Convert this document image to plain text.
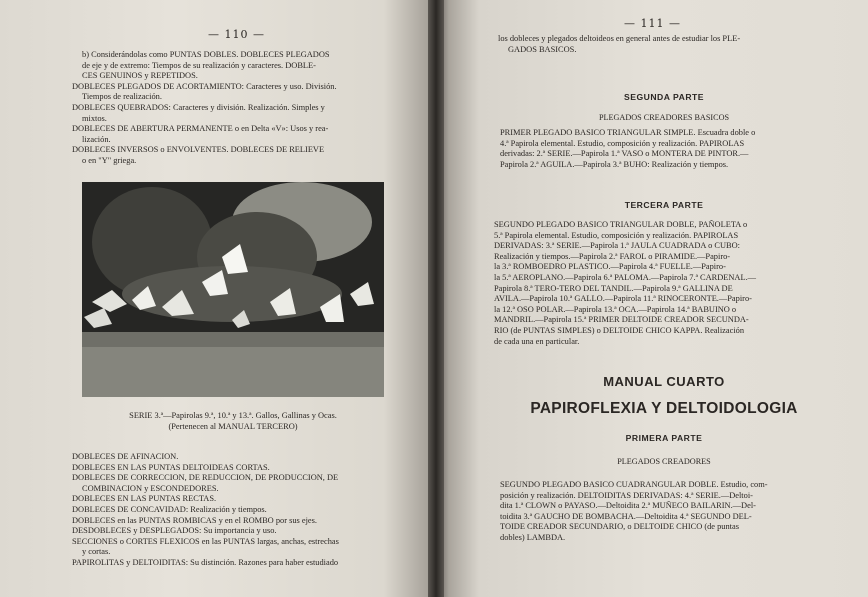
— 110 —

b) Considerándolas como PUNTAS DOBLES. DOBLECES PLEGADOS

de eje y de extremo: Tiempos de su realización y caracteres. DOBLE-

CES GENUINOS y REPETIDOS.

DOBLECES PLEGADOS DE ACORTAMIENTO: Caracteres y uso. División.

Tiempos de realización.

DOBLECES QUEBRADOS: Caracteres y división. Realización. Simples y

mixtos.

DOBLECES DE ABERTURA PERMANENTE o en Delta «V»: Usos y rea-

lización.

DOBLECES INVERSOS o ENVOLVENTES. DOBLECES DE RELIEVE

o en "Y" griega.

SERIE 3.ª—Papirolas 9.ª, 10.ª y 13.ª. Gallos, Gallinas y Ocas.
(Pertenecen al MANUAL TERCERO)

DOBLECES DE AFINACION.

DOBLECES EN LAS PUNTAS DELTOIDEAS CORTAS.

DOBLECES DE CORRECCION, DE REDUCCION, DE PRODUCCION, DE

COMBINACION y ESCONDEDORES.

DOBLECES EN LAS PUNTAS RECTAS.

DOBLECES DE CONCAVIDAD: Realización y tiempos.

DOBLECES en las PUNTAS ROMBICAS y en el ROMBO por sus ejes.

DESDOBLECES y DESPLEGADOS: Su importancia y uso.

SECCIONES o CORTES FLEXICOS en las PUNTAS largas, anchas, estrechas

y cortas.

PAPIROLITAS y DELTOIDITAS: Su distinción. Razones para haber estudiado

— 111 —

los dobleces y plegados deltoideos en general antes de estudiar los PLE-

GADOS BASICOS.

SEGUNDA PARTE
PLEGADOS CREADORES BASICOS

PRIMER PLEGADO BASICO TRIANGULAR SIMPLE. Escuadra doble o

4.ª Papirola elemental. Estudio, composición y realización. PAPIROLAS

derivadas: 2.ª SERIE.—Papirola 1.ª VASO o MONTERA DE PINTOR.—

Papirola 2.ª AGUILA.—Papirola 3.ª BUHO: Realización y tiempos.

TERCERA PARTE

SEGUNDO PLEGADO BASICO TRIANGULAR DOBLE, PAÑOLETA o

5.ª Papirola elemental. Estudio, composición y realización. PAPIROLAS

DERIVADAS: 3.ª SERIE.—Papirola 1.ª JAULA CUADRADA o CUBO:

Realización y tiempos.—Papirola 2.ª FAROL o PIRAMIDE.—Papiro-

la 3.ª ROMBOEDRO PLASTICO.—Papirola 4.ª FUELLE.—Papiro-

la 5.ª AEROPLANO.—Papirola 6.ª PALOMA.—Papirola 7.ª CARDENAL.—

Papirola 8.ª TERO-TERO DEL TANDIL.—Papirola 9.ª GALLINA DE

AVILA.—Papirola 10.ª GALLO.—Papirola 11.ª RINOCERONTE.—Papiro-

la 12.ª OSO POLAR.—Papirola 13.ª OCA.—Papirola 14.ª BABUINO o

MANDRIL.—Papirola 15.ª PRIMER DELTOIDE CREADOR SECUNDA-

RIO (de PUNTAS SIMPLES) o DELTOIDE CHICO KAPPA. Realización

de cada una en particular.

MANUAL CUARTO
PAPIROFLEXIA Y DELTOIDOLOGIA
PRIMERA PARTE
PLEGADOS CREADORES

SEGUNDO PLEGADO BASICO CUADRANGULAR DOBLE. Estudio, com-

posición y realización. DELTOIDITAS DERIVADAS: 4.ª SERIE.—Deltoi-

dita 1.ª CLOWN o PAYASO.—Deltoidita 2.ª MUÑECO BAILARIN.—Del-

toidita 3.ª GAUCHO DE BOMBACHA.—Deltoidita 4.ª SEGUNDO DEL-

TOIDE CREADOR SECUNDARIO, o DELTOIDE CHICO (de puntas

dobles) LAMBDA.
